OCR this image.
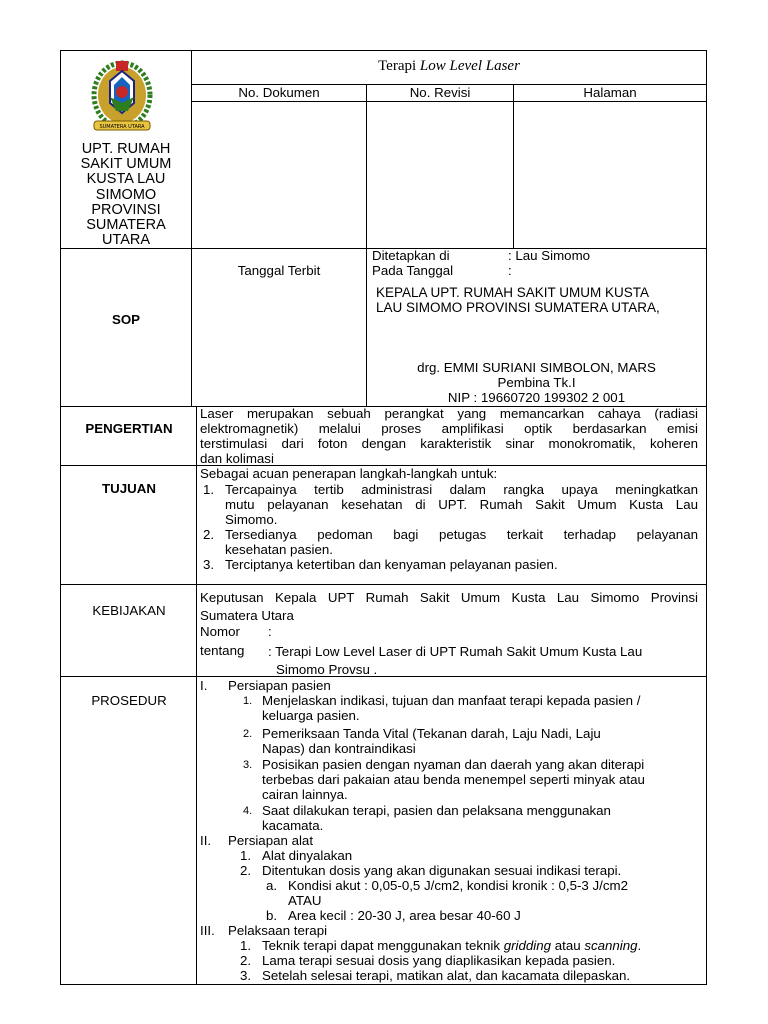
SUMATERA UTARA
UPT. RUMAH
SAKIT UMUM
KUSTA LAU
SIMOMO
PROVINSI
SUMATERA
UTARA
Terapi Low Level Laser
No. Dokumen	No. Revisi	Halaman
SOP
Tanggal Terbit
Ditetapkan di	: Lau Simomo
Pada Tanggal	:
KEPALA UPT. RUMAH SAKIT UMUM KUSTA
LAU SIMOMO PROVINSI SUMATERA UTARA,
drg. EMMI SURIANI SIMBOLON, MARS
Pembina Tk.I
NIP : 19660720 199302 2 001
PENGERTIAN
Laser merupakan sebuah perangkat yang memancarkan cahaya (radiasi
elektromagnetik) melalui proses amplifikasi optik berdasarkan emisi
terstimulasi dari foton dengan karakteristik sinar monokromatik, koheren
dan kolimasi
TUJUAN
Sebagai acuan penerapan langkah-langkah untuk:
1. Tercapainya tertib administrasi dalam rangka upaya meningkatkan
mutu pelayanan kesehatan di UPT. Rumah Sakit Umum Kusta Lau
Simomo.
2. Tersedianya pedoman bagi petugas terkait terhadap pelayanan
kesehatan pasien.
3. Terciptanya ketertiban dan kenyaman pelayanan pasien.
KEBIJAKAN
Keputusan Kepala UPT Rumah Sakit Umum Kusta Lau Simomo Provinsi
Sumatera Utara
Nomor :
tentang : Terapi Low Level Laser di UPT Rumah Sakit Umum Kusta Lau
Simomo Provsu .
PROSEDUR
I. Persiapan pasien
1. Menjelaskan indikasi, tujuan dan manfaat terapi kepada pasien /
keluarga pasien.
2. Pemeriksaan Tanda Vital (Tekanan darah, Laju Nadi, Laju
Napas) dan kontraindikasi
3. Posisikan pasien dengan nyaman dan daerah yang akan diterapi
terbebas dari pakaian atau benda menempel seperti minyak atau
cairan lainnya.
4. Saat dilakukan terapi, pasien dan pelaksana menggunakan
kacamata.
II. Persiapan alat
1. Alat dinyalakan
2. Ditentukan dosis yang akan digunakan sesuai indikasi terapi.
a. Kondisi akut : 0,05-0,5 J/cm2, kondisi kronik : 0,5-3 J/cm2
ATAU
b. Area kecil : 20-30 J, area besar 40-60 J
III. Pelaksaan terapi
1. Teknik terapi dapat menggunakan teknik gridding atau scanning.
2. Lama terapi sesuai dosis yang diaplikasikan kepada pasien.
3. Setelah selesai terapi, matikan alat, dan kacamata dilepaskan.
